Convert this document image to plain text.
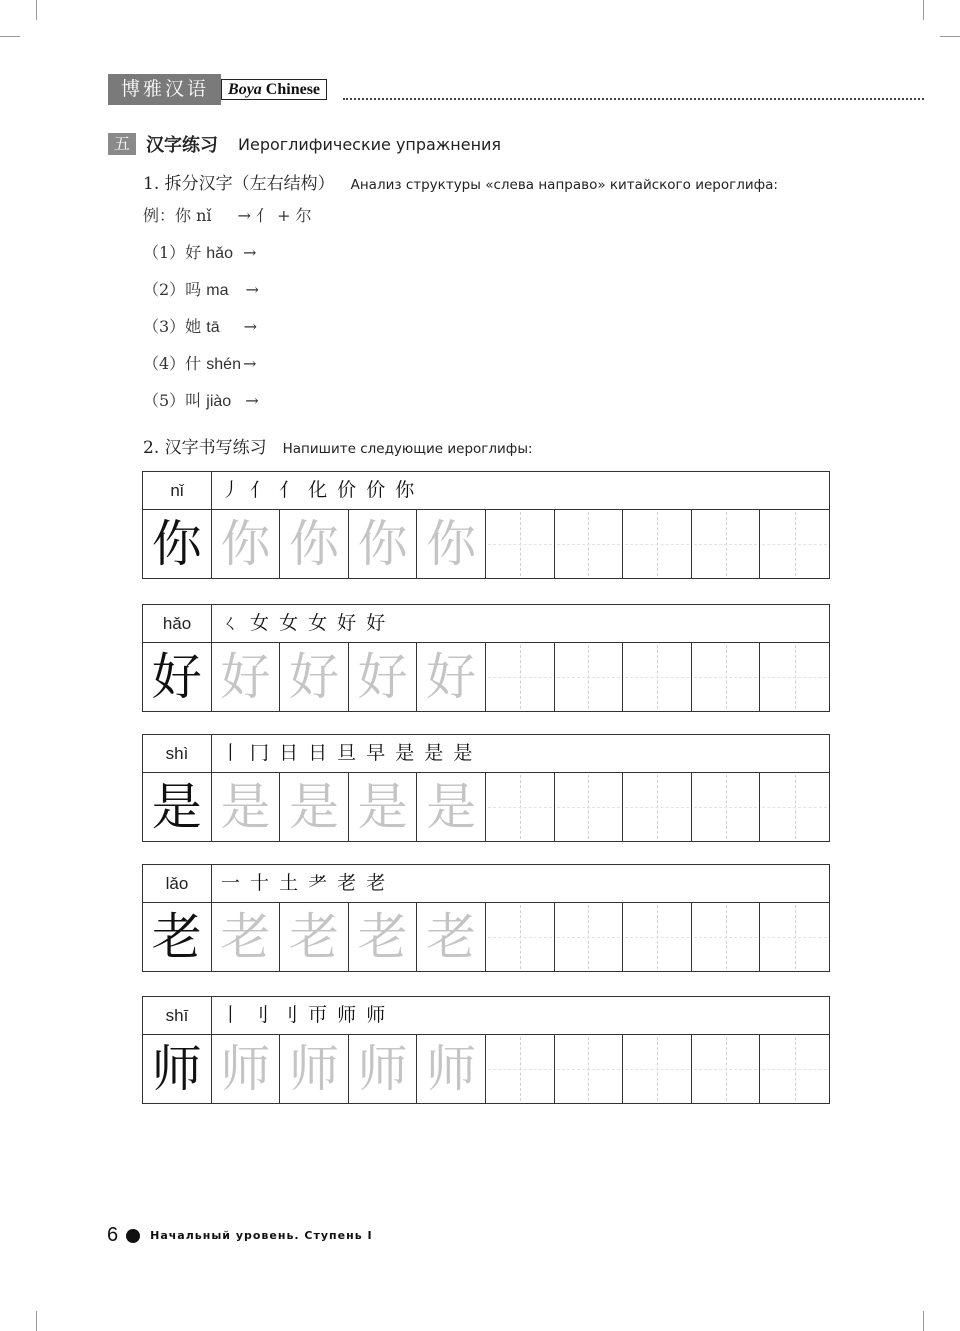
博雅汉语	Boya Chinese
五 汉字练习 Иероглифические упражнения
1. 拆分汉字（左右结构） Анализ структуры «слева направо» китайского иероглифа:
例：你 nǐ → 亻 + 尔
（1）好 hǎo →
（2）吗 ma →
（3）她 tā →
（4）什 shén →
（5）叫 jiào →
2. 汉字书写练习 Напишите следующие иероглифы:
nǐ	丿 亻 亻 化 价 价 你
你 你 你 你 你
hǎo	ㄑ 女 女 女 好 好
好 好 好 好 好
shì	丨 冂 日 日 旦 早 是 是 是
是 是 是 是 是
lǎo	一 十 土 耂 老 老
老 老 老 老 老
shī	丨 刂 刂 帀 师 师
师 师 师 师 师
6	Начальный уровень. Ступень I
